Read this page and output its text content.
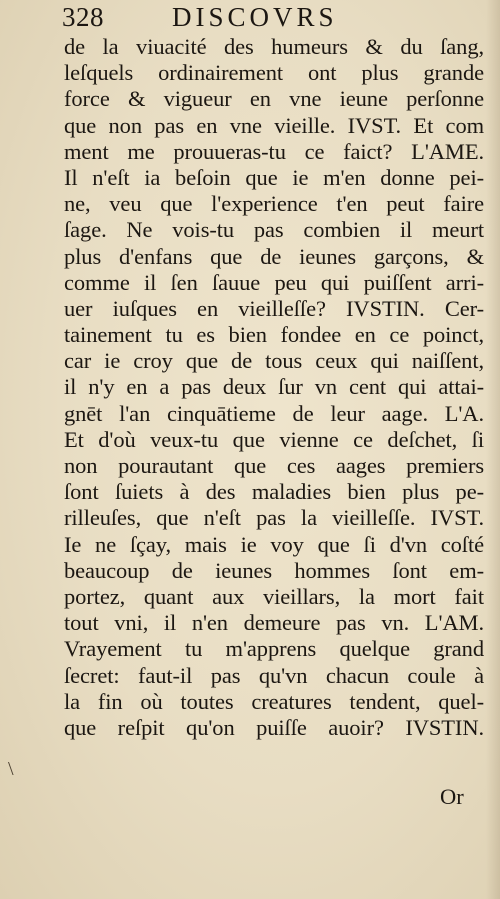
328	DISCOVRS
\
de la viuacité des humeurs & du ſang,
leſquels ordinairement ont plus grande
force & vigueur en vne ieune perſonne
que non pas en vne vieille. IVST. Et com
ment me prouueras-tu ce faict? L'AME.
Il n'eſt ia beſoin que ie m'en donne pei-
ne, veu que l'experience t'en peut faire
ſage. Ne vois-tu pas combien il meurt
plus d'enfans que de ieunes garçons, &
comme il ſen ſauue peu qui puiſſent arri-
uer iuſques en vieilleſſe? IVSTIN. Cer-
tainement tu es bien fondee en ce poinct,
car ie croy que de tous ceux qui naiſſent,
il n'y en a pas deux ſur vn cent qui attai-
gnēt l'an cinquātieme de leur aage. L'A.
Et d'où veux-tu que vienne ce deſchet, ſi
non pourautant que ces aages premiers
ſont ſuiets à des maladies bien plus pe-
rilleuſes, que n'eſt pas la vieilleſſe. IVST.
Ie ne ſçay, mais ie voy que ſi d'vn coſté
beaucoup de ieunes hommes ſont em-
portez, quant aux vieillars, la mort fait
tout vni, il n'en demeure pas vn. L'AM.
Vrayement tu m'apprens quelque grand
ſecret: faut-il pas qu'vn chacun coule à
la fin où toutes creatures tendent, quel-
que reſpit qu'on puiſſe auoir? IVSTIN.
Or
